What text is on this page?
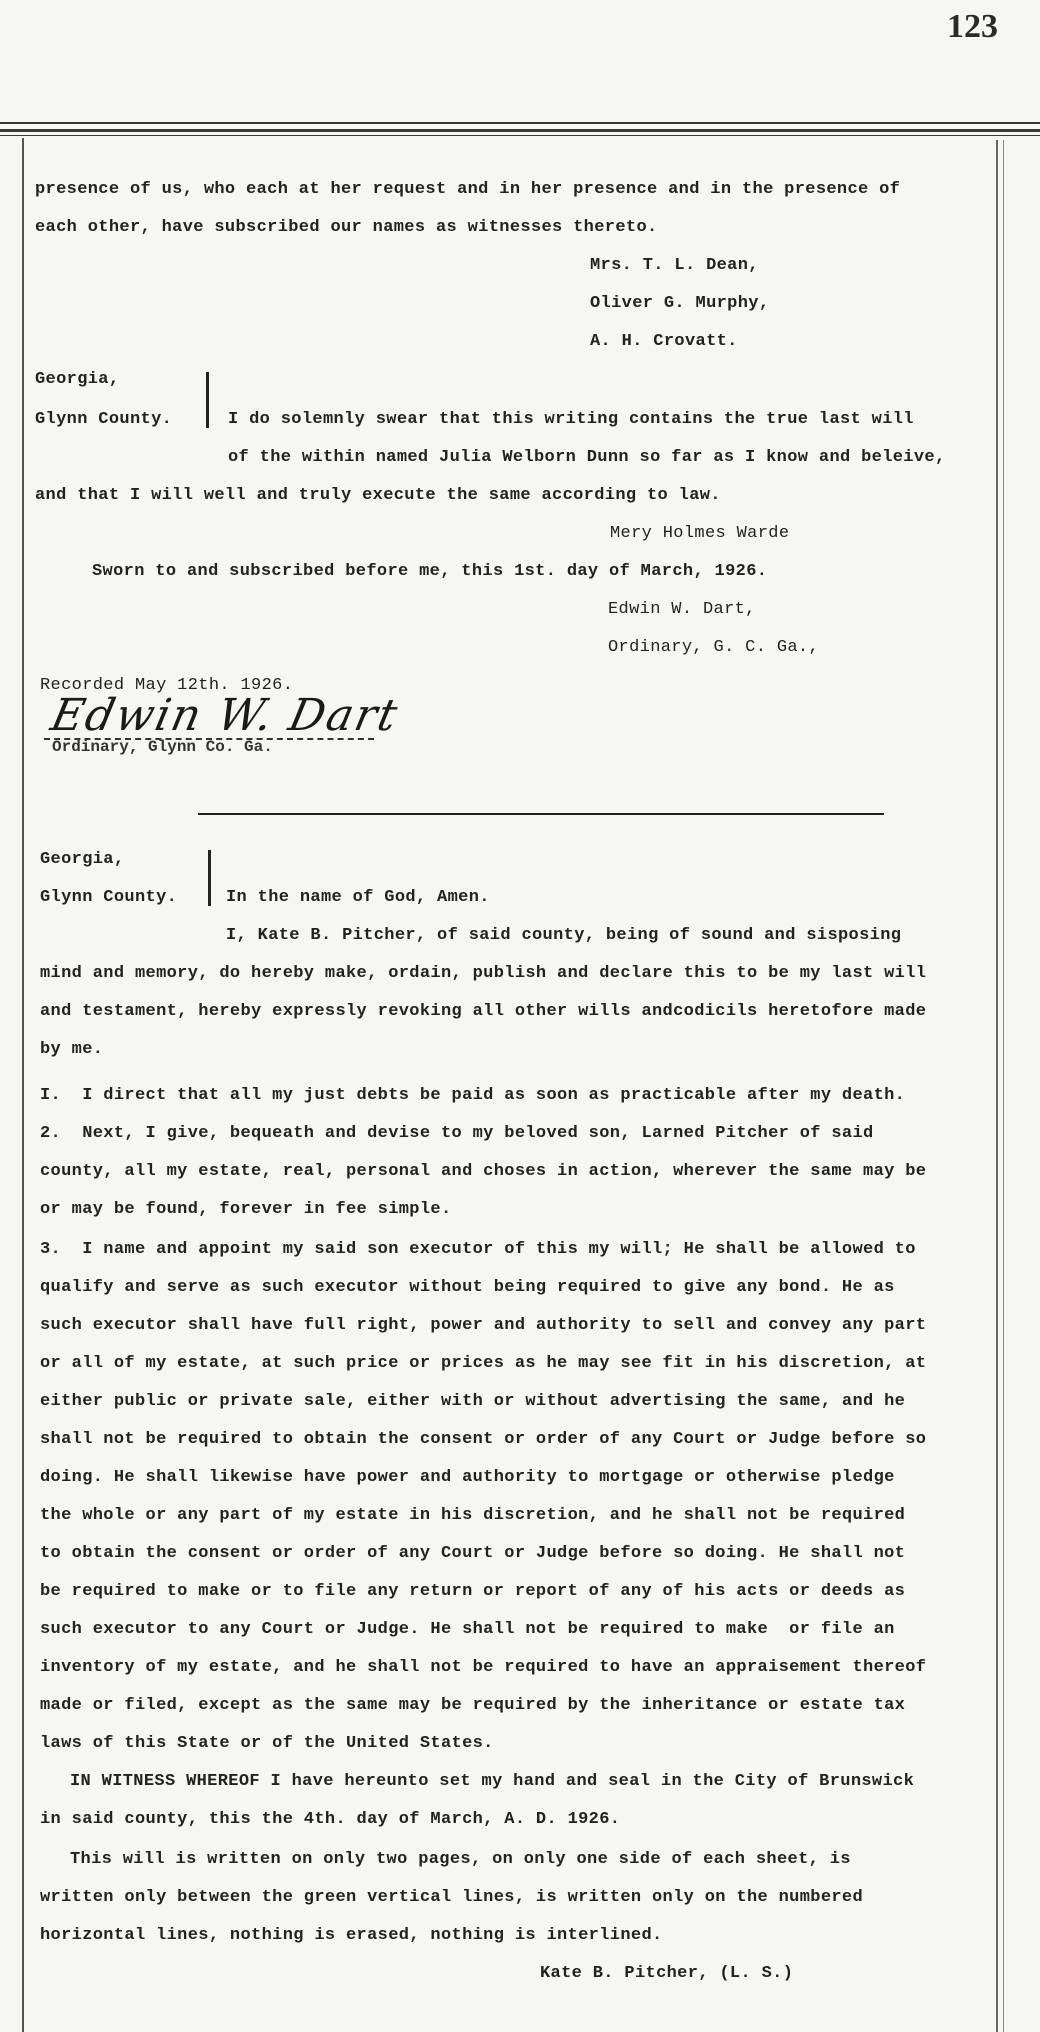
123
presence of us, who each at her request and in her presence and in the presence of
each other, have subscribed our names as witnesses thereto.
Mrs. T. L. Dean,
Oliver G. Murphy,
A. H. Crovatt.
Georgia,
Glynn County.	I do solemnly swear that this writing contains the true last will
of the within named Julia Welborn Dunn so far as I know and beleive,
and that I will well and truly execute the same according to law.
Mery Holmes Warde
Sworn to and subscribed before me, this 1st. day of March, 1926.
Edwin W. Dart,
Ordinary, G. C. Ga.,
Recorded May 12th. 1926.
Edwin W. Dart
Ordinary, Glynn Co. Ga.
Georgia,
Glynn County.	In the name of God, Amen.
I, Kate B. Pitcher, of said county, being of sound and sisposing
mind and memory, do hereby make, ordain, publish and declare this to be my last will
and testament, hereby expressly revoking all other wills andcodicils heretofore made
by me.
I.  I direct that all my just debts be paid as soon as practicable after my death.
2.  Next, I give, bequeath and devise to my beloved son, Larned Pitcher of said
county, all my estate, real, personal and choses in action, wherever the same may be
or may be found, forever in fee simple.
3.  I name and appoint my said son executor of this my will; He shall be allowed to
qualify and serve as such executor without being required to give any bond. He as
such executor shall have full right, power and authority to sell and convey any part
or all of my estate, at such price or prices as he may see fit in his discretion, at
either public or private sale, either with or without advertising the same, and he
shall not be required to obtain the consent or order of any Court or Judge before so
doing. He shall likewise have power and authority to mortgage or otherwise pledge
the whole or any part of my estate in his discretion, and he shall not be required
to obtain the consent or order of any Court or Judge before so doing. He shall not
be required to make or to file any return or report of any of his acts or deeds as
such executor to any Court or Judge. He shall not be required to make  or file an
inventory of my estate, and he shall not be required to have an appraisement thereof
made or filed, except as the same may be required by the inheritance or estate tax
laws of this State or of the United States.
IN WITNESS WHEREOF I have hereunto set my hand and seal in the City of Brunswick
in said county, this the 4th. day of March, A. D. 1926.
This will is written on only two pages, on only one side of each sheet, is
written only between the green vertical lines, is written only on the numbered
horizontal lines, nothing is erased, nothing is interlined.
Kate B. Pitcher, (L. S.)
